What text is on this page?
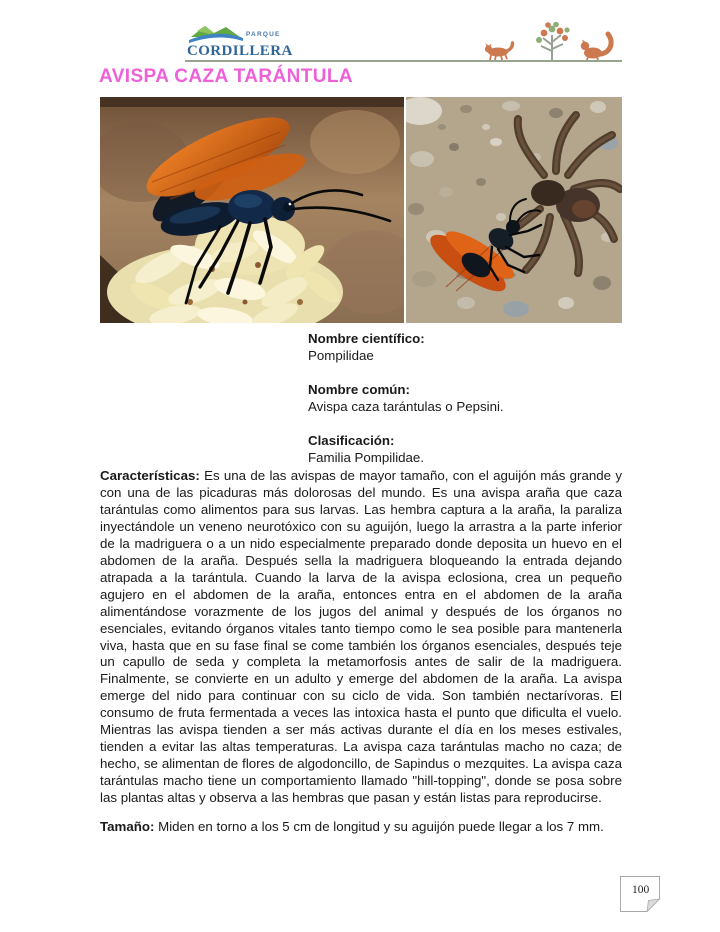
PARQUE
CORDILLERA
AVISPA CAZA TARÁNTULA
Nombre científico:
Pompilidae
Nombre común:
Avispa caza tarántulas o Pepsini.
Clasificación:
Familia Pompilidae.

Características: Es una de las avispas de mayor tamaño, con el aguijón más grande y con una de las picaduras más dolorosas del mundo. Es una avispa araña que caza tarántulas como alimentos para sus larvas. Las hembra captura a la araña, la paraliza inyectándole un veneno neurotóxico con su aguijón, luego la arrastra a la parte inferior de la madriguera o a un nido especialmente preparado donde deposita un huevo en el abdomen de la araña. Después sella la madriguera bloqueando la entrada dejando atrapada a la tarántula. Cuando la larva de la avispa eclosiona, crea un pequeño agujero en el abdomen de la araña, entonces entra en el abdomen de la araña alimentándose vorazmente de los jugos del animal y después de los órganos no esenciales, evitando órganos vitales tanto tiempo como le sea posible para mantenerla viva, hasta que en su fase final se come también los órganos esenciales, después teje un capullo de seda y completa la metamorfosis antes de salir de la madriguera. Finalmente, se convierte en un adulto y emerge del abdomen de la araña. La avispa emerge del nido para continuar con su ciclo de vida. Son también nectarívoras. El consumo de fruta fermentada a veces las intoxica hasta el punto que dificulta el vuelo. Mientras las avispa tienden a ser más activas durante el día en los meses estivales, tienden a evitar las altas temperaturas. La avispa caza tarántulas macho no caza; de hecho, se alimentan de flores de algodoncillo, de Sapindus o mezquites. La avispa caza tarántulas macho tiene un comportamiento llamado "hill-topping", donde se posa sobre las plantas altas y observa a las hembras que pasan y están listas para reproducirse.

Tamaño: Miden en torno a los 5 cm de longitud y su aguijón puede llegar a los 7 mm.

100
